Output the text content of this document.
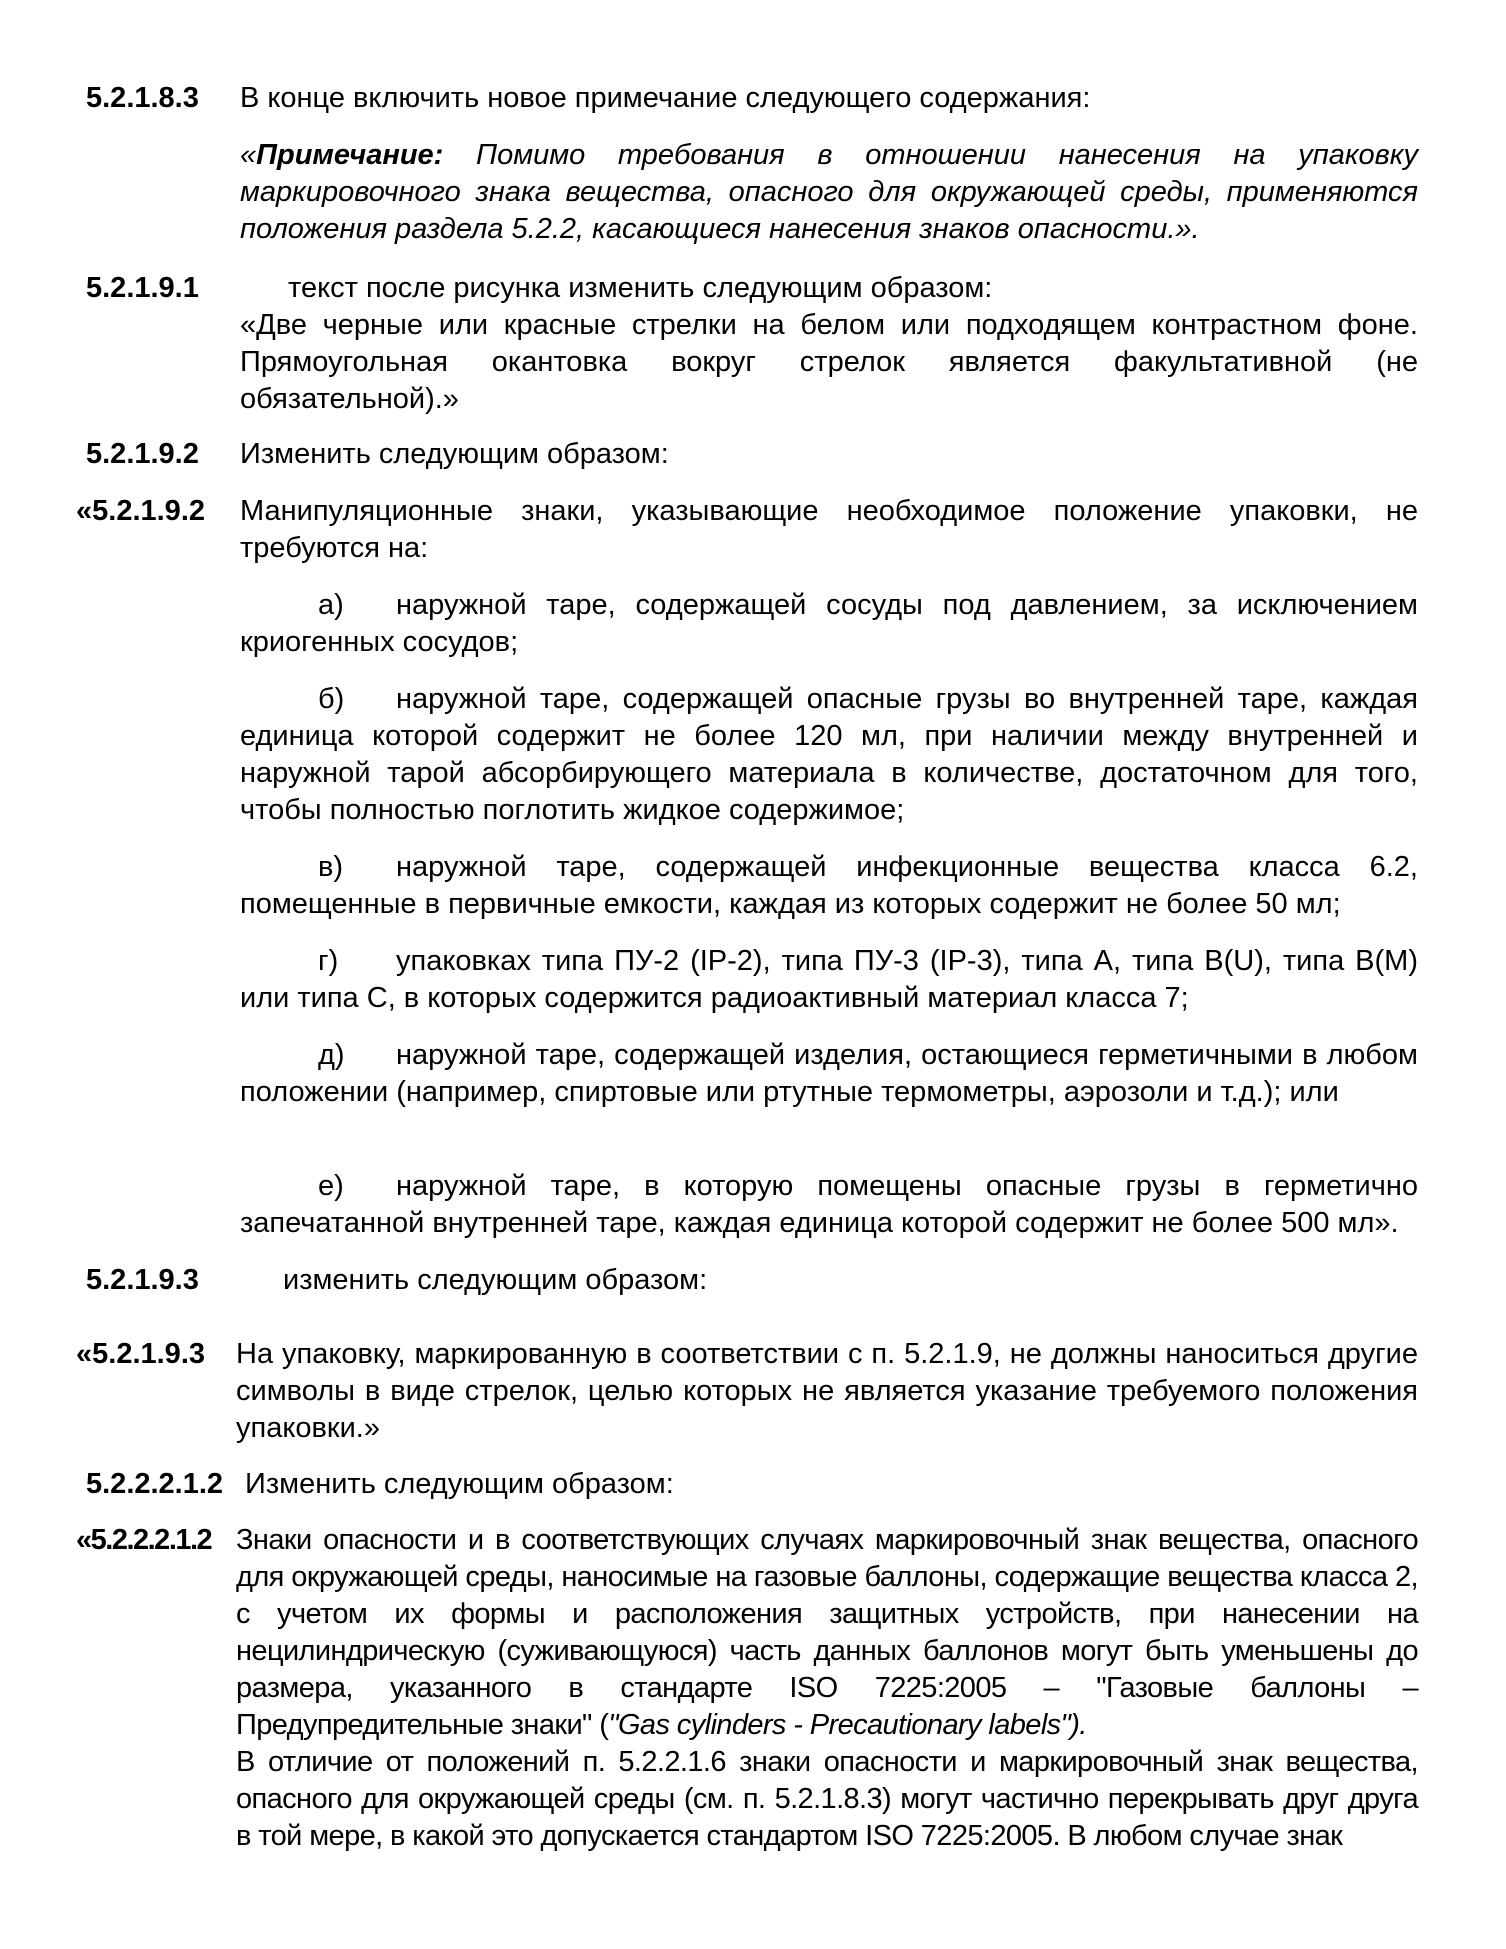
5.2.1.8.3 В конце включить новое примечание следующего содержания:
«Примечание: Помимо требования в отношении нанесения на упаковку маркировочного знака вещества, опасного для окружающей среды, применяются положения раздела 5.2.2, касающиеся нанесения знаков опасности.».
5.2.1.9.1	текст после рисунка изменить следующим образом:
«Две черные или красные стрелки на белом или подходящем контрастном фоне. Прямоугольная окантовка вокруг стрелок является факультативной (не обязательной).»
5.2.1.9.2 Изменить следующим образом:
«5.2.1.9.2 Манипуляционные знаки, указывающие необходимое положение упаковки, не требуются на:
а) наружной таре, содержащей сосуды под давлением, за исключением криогенных сосудов;
б) наружной таре, содержащей опасные грузы во внутренней таре, каждая единица которой содержит не более 120 мл, при наличии между внутренней и наружной тарой абсорбирующего материала в количестве, достаточном для того, чтобы полностью поглотить жидкое содержимое;
в) наружной таре, содержащей инфекционные вещества класса 6.2, помещенные в первичные емкости, каждая из которых содержит не более 50 мл;
г) упаковках типа ПУ-2 (IP-2), типа ПУ-3 (IP-3), типа A, типа B(U), типа B(M) или типа C, в которых содержится радиоактивный материал класса 7;
д) наружной таре, содержащей изделия, остающиеся герметичными в любом положении (например, спиртовые или ртутные термометры, аэрозоли и т.д.); или
е) наружной таре, в которую помещены опасные грузы в герметично запечатанной внутренней таре, каждая единица которой содержит не более 500 мл».
5.2.1.9.3	изменить следующим образом:
«5.2.1.9.3 На упаковку, маркированную в соответствии с п. 5.2.1.9, не должны наноситься другие символы в виде стрелок, целью которых не является указание требуемого положения упаковки.»
5.2.2.2.1.2 Изменить следующим образом:
«5.2.2.2.1.2 Знаки опасности и в соответствующих случаях маркировочный знак вещества, опасного для окружающей среды, наносимые на газовые баллоны, содержащие вещества класса 2, с учетом их формы и расположения защитных устройств, при нанесении на нецилиндрическую (суживающуюся) часть данных баллонов могут быть уменьшены до размера, указанного в стандарте ISO 7225:2005 – "Газовые баллоны – Предупредительные знаки" ("Gas cylinders - Precautionary labels").
В отличие от положений п. 5.2.2.1.6 знаки опасности и маркировочный знак вещества, опасного для окружающей среды (см. п. 5.2.1.8.3) могут частично перекрывать друг друга в той мере, в какой это допускается стандартом ISO 7225:2005. В любом случае знак
